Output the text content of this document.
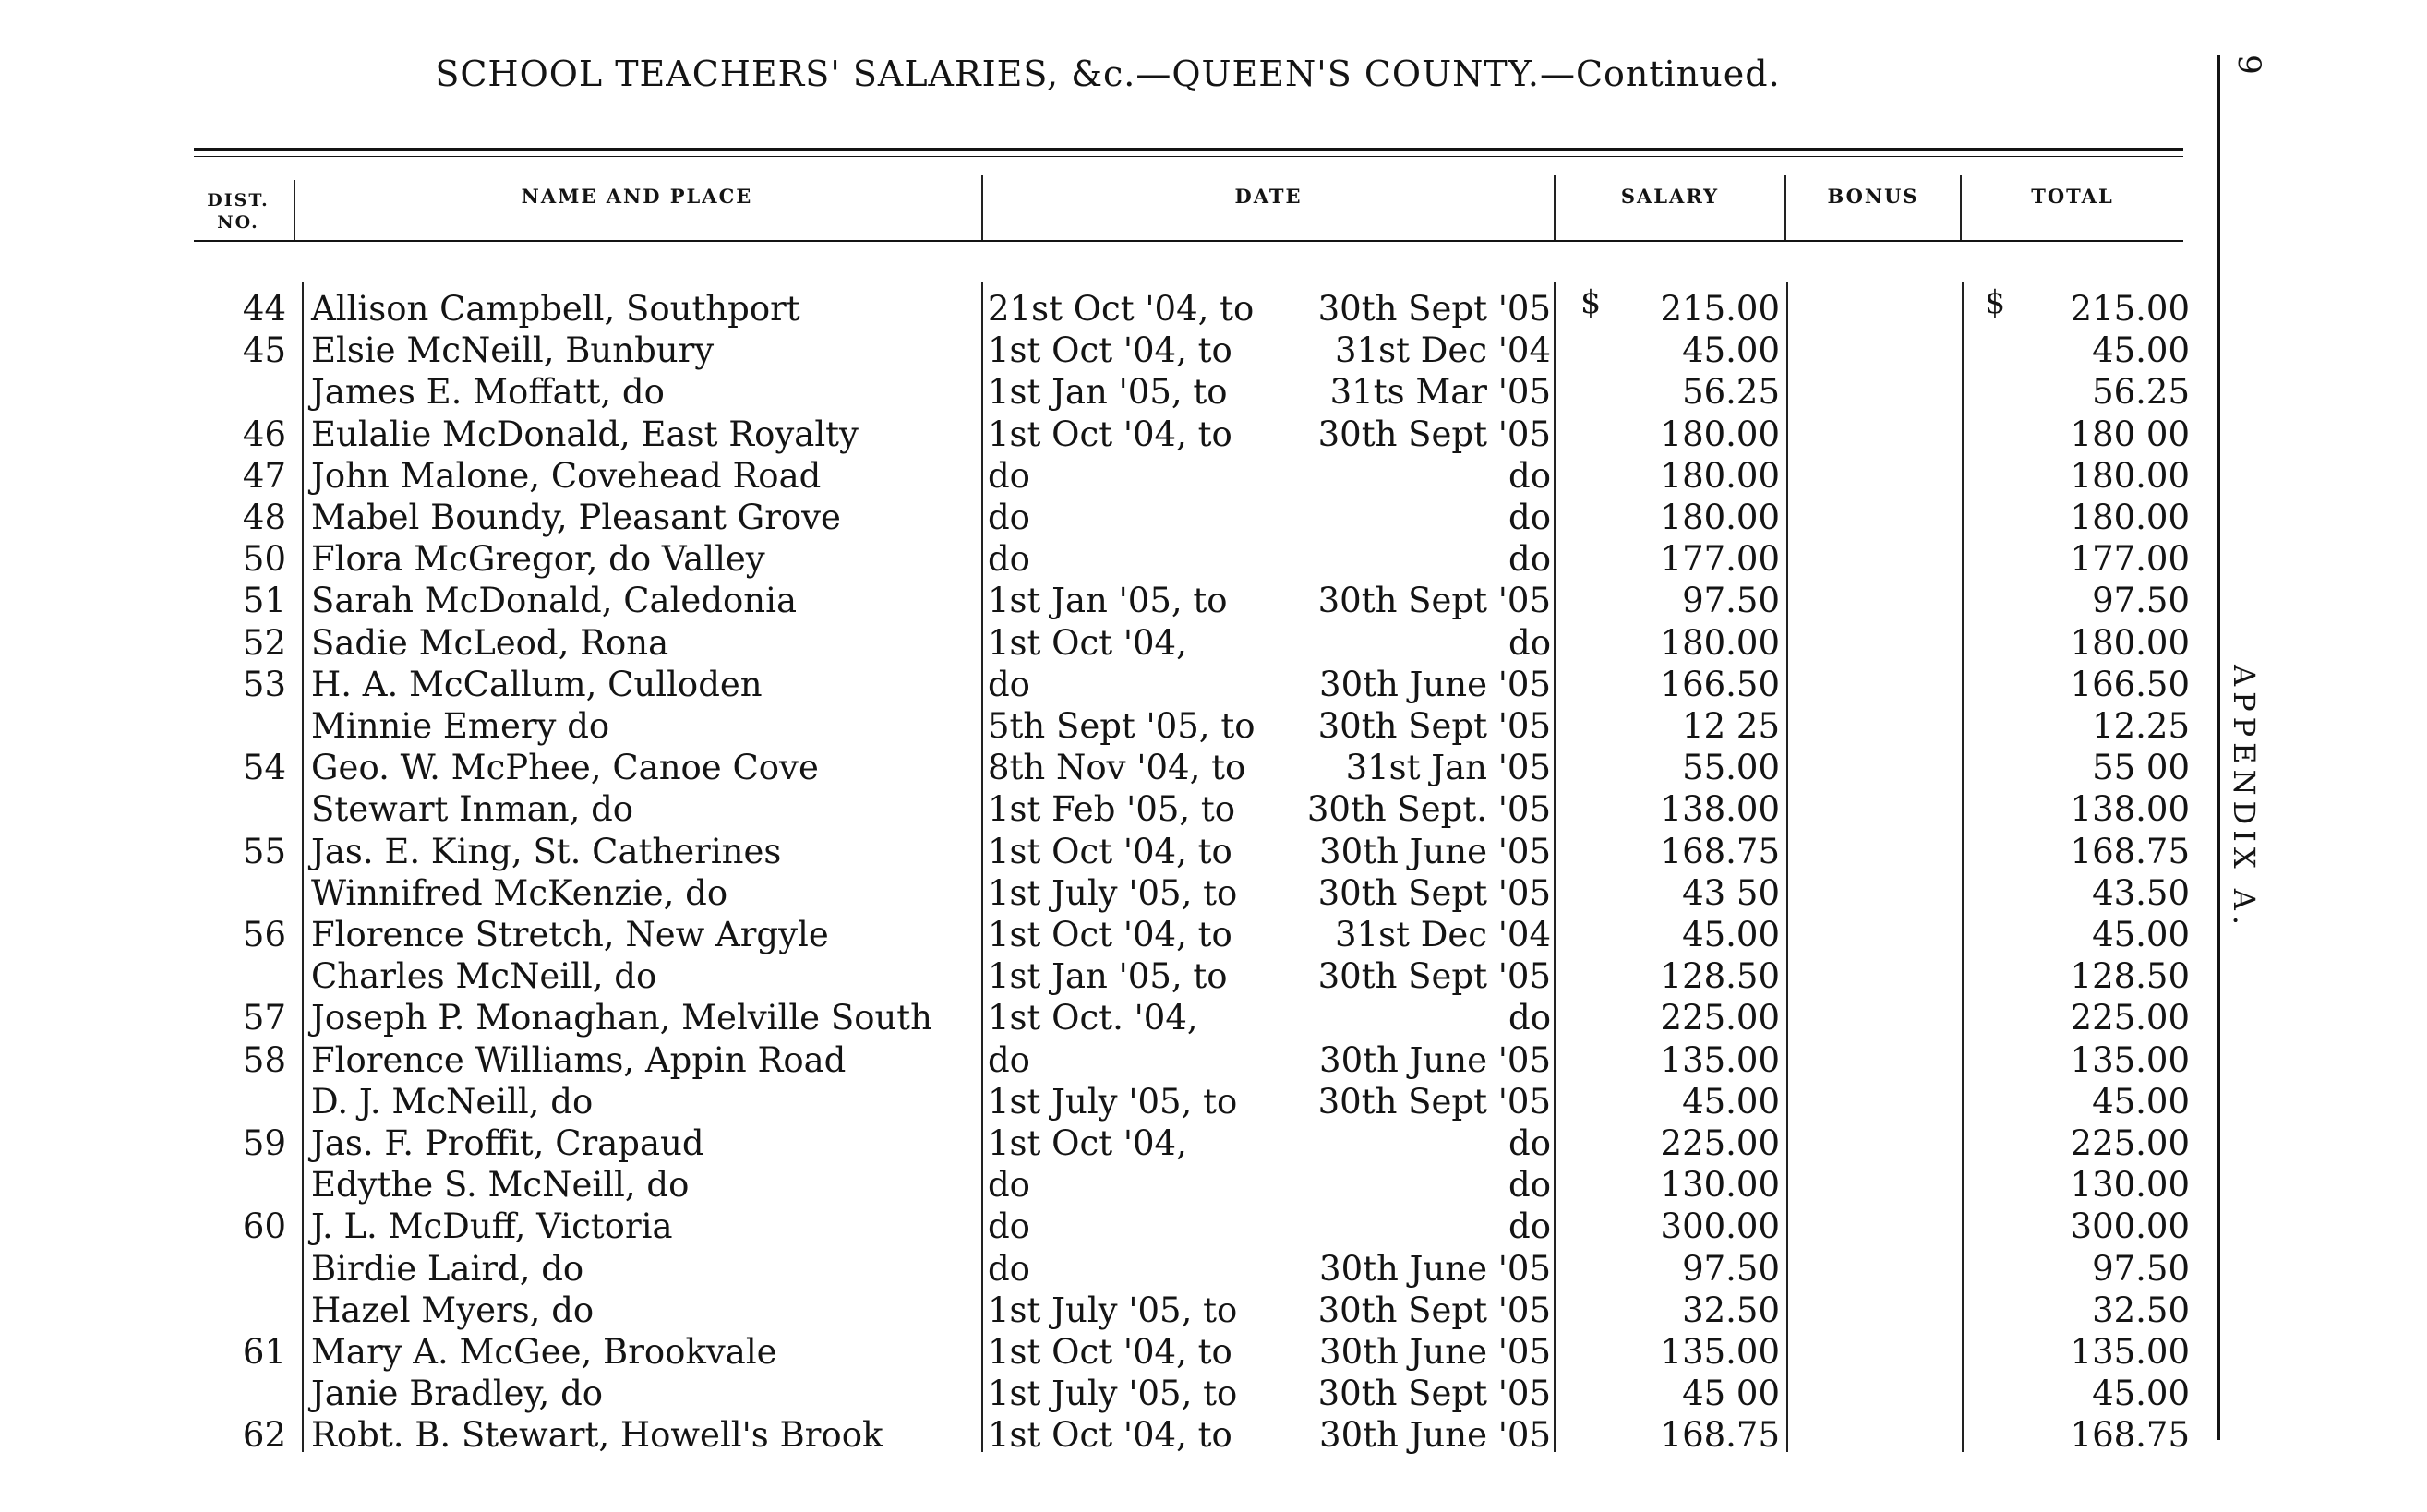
SCHOOL TEACHERS' SALARIES, &c.—QUEEN'S COUNTY.—Continued.	9
DIST.
NO.
NAME AND PLACE	DATE	SALARY	BONUS	TOTAL
$	$
44 Allison Campbell, Southport	21st Oct '04, to	30th Sept '05	215.00	215.00
45 Elsie McNeill, Bunbury	1st Oct '04, to	31st Dec '04	45.00	45.00
James E. Moffatt, do	1st Jan '05, to	31ts Mar '05	56.25	56.25
46 Eulalie McDonald, East Royalty	1st Oct '04, to	30th Sept '05	180.00	180 00
47 John Malone, Covehead Road	do	do	180.00	180.00
48 Mabel Boundy, Pleasant Grove	do	do	180.00	180.00
50 Flora McGregor, do Valley	do	do	177.00	177.00
51 Sarah McDonald, Caledonia	1st Jan '05, to	30th Sept '05	97.50	97.50
52 Sadie McLeod, Rona	1st Oct '04,	do	180.00	180.00
53 H. A. McCallum, Culloden	do	30th June '05	166.50	166.50
Minnie Emery do	5th Sept '05, to	30th Sept '05	12 25	12.25
54 Geo. W. McPhee, Canoe Cove	8th Nov '04, to	31st Jan '05	55.00	55 00
Stewart Inman, do	1st Feb '05, to 30th Sept. '05	138.00	138.00
55 Jas. E. King, St. Catherines	1st Oct '04, to	30th June '05	168.75	168.75
Winnifred McKenzie, do	1st July '05, to	30th Sept '05	43 50	43.50
56 Florence Stretch, New Argyle	1st Oct '04, to	31st Dec '04	45.00	45.00
Charles McNeill, do	1st Jan '05, to	30th Sept '05	128.50	128.50
57 Joseph P. Monaghan, Melville South 1st Oct. '04,	do	225.00	225.00
58 Florence Williams, Appin Road	do	30th June '05	135.00	135.00
D. J. McNeill, do	1st July '05, to	30th Sept '05	45.00	45.00
59 Jas. F. Proffit, Crapaud	1st Oct '04,	do	225.00	225.00
Edythe S. McNeill, do	do	do	130.00	130.00
60 J. L. McDuff, Victoria	do	do	300.00	300.00
Birdie Laird, do	do	30th June '05	97.50	97.50
Hazel Myers, do	1st July '05, to	30th Sept '05	32.50	32.50
61 Mary A. McGee, Brookvale	1st Oct '04, to	30th June '05	135.00	135.00
Janie Bradley, do	1st July '05, to	30th Sept '05	45 00	45.00
62 Robt. B. Stewart, Howell's Brook	1st Oct '04, to	30th June '05	168.75	168.75
APPENDIX A.
